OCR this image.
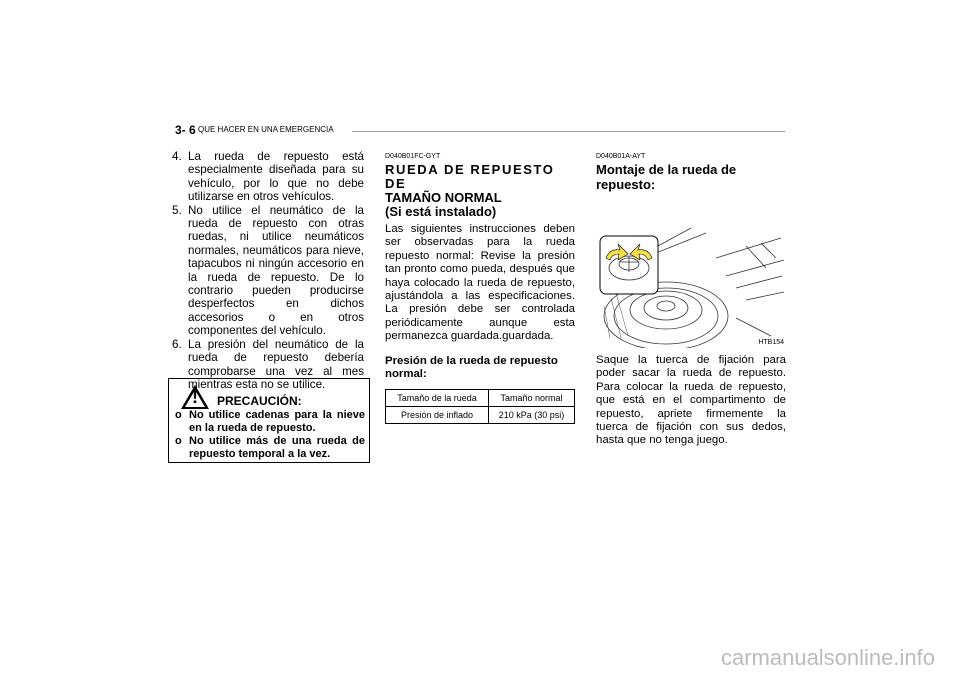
3- 6 QUE HACER EN UNA EMERGENCIA
4. La rueda de repuesto está especialmente diseñada para su vehículo, por lo que no debe utilizarse en otros vehículos.
5. No utilice el neumático de la rueda de repuesto con otras ruedas, ni utilice neumáticos normales, neumáticos para nieve, tapacubos ni ningún accesorio en la rueda de repuesto. De lo contrario pueden producirse desperfectos en dichos accesorios o en otros componentes del vehículo.
6. La presión del neumático de la rueda de repuesto debería comprobarse una vez al mes mientras esta no se utilice.
! PRECAUCIÓN:
o No utilice cadenas para la nieve en la rueda de repuesto.
o No utilice más de una rueda de repuesto temporal a la vez.
D040B01FC-GYT
RUEDA DE REPUESTO DE
TAMAÑO NORMAL
(Si está instalado)
Las siguientes instrucciones deben ser observadas para la rueda repuesto normal: Revise la presión tan pronto como pueda, después que haya colocado la rueda de repuesto, ajustándola a las especificaciones. La presión debe ser controlada periódicamente aunque esta permanezca guardada.guardada.
Presión de la rueda de repuesto normal:
Tamaño de la rueda	Tamaño normal
Presión de inflado	210 kPa (30 psi)
D040B01A-AYT
Montaje de la rueda de repuesto:
HTB154
Saque la tuerca de fijación para poder sacar la rueda de repuesto. Para colocar la rueda de repuesto, que está en el compartimento de repuesto, apriete firmemente la tuerca de fijación con sus dedos, hasta que no tenga juego.
carmanualsonline.info
